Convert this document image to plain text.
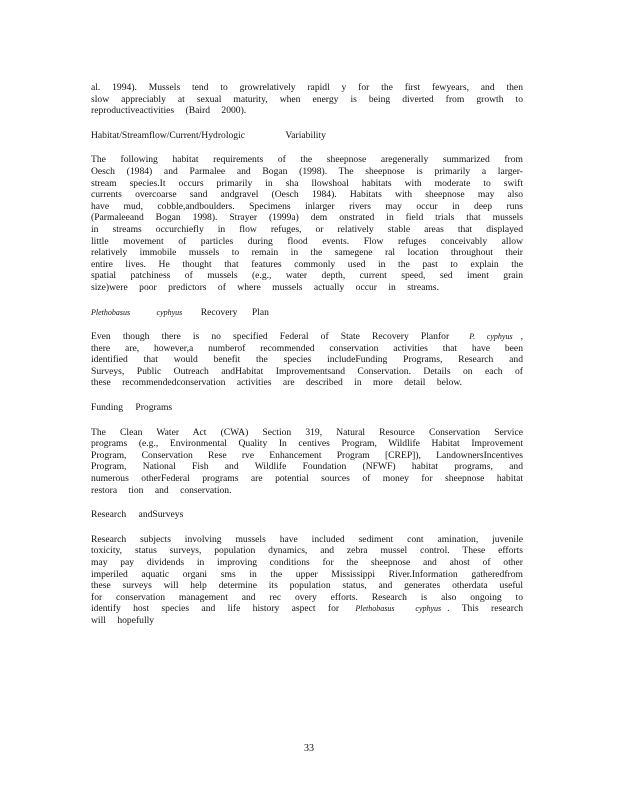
al. 1994). Mussels tend to growrelatively rapidl y for the first fewyears, and then slow appreciably at sexual maturity, when energy is being diverted from growth to reproductiveactivities (Baird 2000).

Habitat/Streamflow/Current/Hydrologic	Variability

The following habitat requirements of the sheepnose aregenerally summarized from Oesch (1984) and Parmalee and Bogan (1998). The sheepnose is primarily a larger-stream species.It occurs primarily in sha llowshoal habitats with moderate to swift currents overcoarse sand andgravel (Oesch 1984). Habitats with sheepnose may also have mud, cobble,andboulders. Specimens inlarger rivers may occur in deep runs (Parmaleeand Bogan 1998). Strayer (1999a) dem onstrated in field trials that mussels in streams occurchiefly in flow refuges, or relatively stable areas that displayed little movement of particles during flood events. Flow refuges conceivably allow relatively immobile mussels to remain in the samegene ral location throughout their entire lives. He thought that features commonly used in the past to explain the spatial patchiness of mussels (e.g., water depth, current speed, sed iment grain size)were poor predictors of where mussels actually occur in streams.

Plethobasus	cyphyus Recovery Plan

Even though there is no specified Federal of State Recovery Planfor	P. cyphyus , there are, however,a numberof recommended conservation activities that have been identified that would benefit the species includeFunding Programs, Research and Surveys, Public Outreach andHabitat Improvementsand Conservation. Details on each of these recommendedconservation activities are described in more detail below.

Funding Programs

The Clean Water Act (CWA) Section 319, Natural Resource Conservation Service programs (e.g., Environmental Quality In centives Program, Wildlife Habitat Improvement Program, Conservation Rese rve Enhancement Program [CREP]), LandownersIncentives Program, National Fish and Wildlife Foundation (NFWF) habitat programs, and numerous otherFederal programs are potential sources of money for sheepnose habitat restora tion and conservation.

Research andSurveys

Research subjects involving mussels have included sediment cont amination, juvenile toxicity, status surveys, population dynamics, and zebra mussel control. These efforts may pay dividends in improving conditions for the sheepnose and ahost of other imperiled aquatic organi sms in the upper Mississippi River.Information gatheredfrom these surveys will help determine its population status, and generates otherdata useful for conservation management and rec overy efforts. Research is also ongoing to identify host species and life history aspect for Plethobasus cyphyus . This research will hopefully

33
